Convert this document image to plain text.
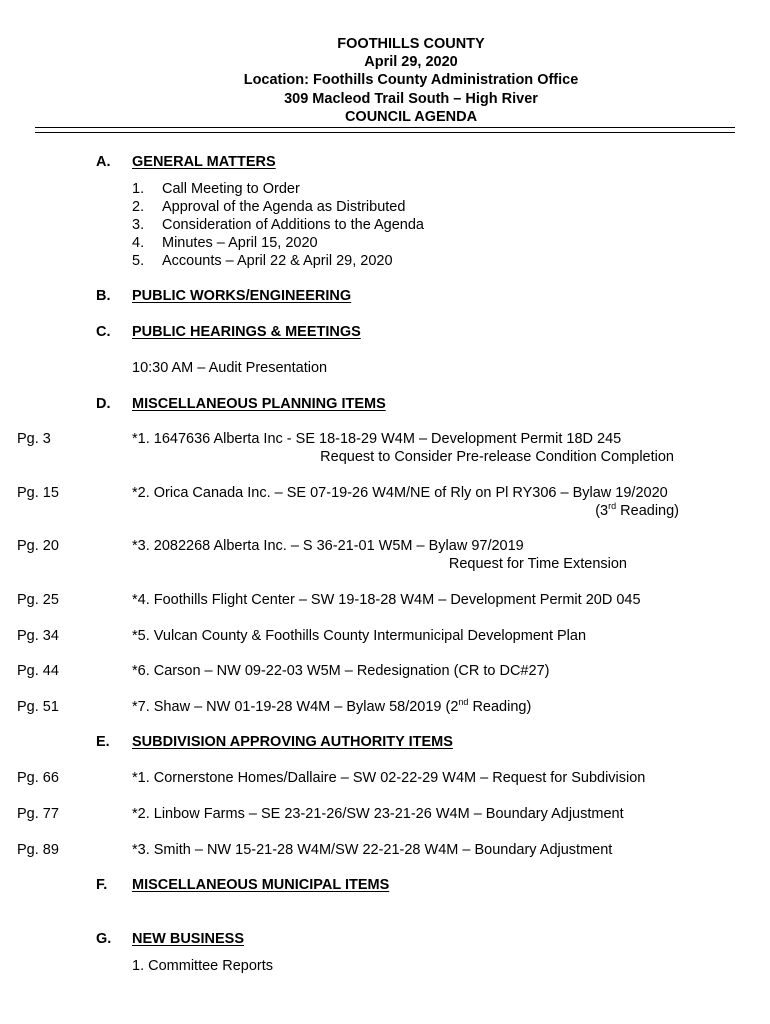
FOOTHILLS COUNTY
April 29, 2020
Location: Foothills County Administration Office
309 Macleod Trail South – High River
COUNCIL AGENDA
A. GENERAL MATTERS
1. Call Meeting to Order
2. Approval of the Agenda as Distributed
3. Consideration of Additions to the Agenda
4. Minutes – April 15, 2020
5. Accounts – April 22 & April 29, 2020
B. PUBLIC WORKS/ENGINEERING
C. PUBLIC HEARINGS & MEETINGS
10:30 AM – Audit Presentation
D. MISCELLANEOUS PLANNING ITEMS
Pg. 3	*1. 1647636 Alberta Inc - SE 18-18-29 W4M – Development Permit 18D 245
Request to Consider Pre-release Condition Completion
Pg. 15	*2. Orica Canada Inc. – SE 07-19-26 W4M/NE of Rly on Pl RY306 – Bylaw 19/2020
(3rd Reading)
Pg. 20	*3. 2082268 Alberta Inc. – S 36-21-01 W5M – Bylaw 97/2019
Request for Time Extension
Pg. 25	*4. Foothills Flight Center – SW 19-18-28 W4M – Development Permit 20D 045
Pg. 34	*5. Vulcan County & Foothills County Intermunicipal Development Plan
Pg. 44	*6. Carson – NW 09-22-03 W5M – Redesignation (CR to DC#27)
Pg. 51	*7. Shaw – NW 01-19-28 W4M – Bylaw 58/2019 (2nd Reading)
E. SUBDIVISION APPROVING AUTHORITY ITEMS
Pg. 66	*1. Cornerstone Homes/Dallaire – SW 02-22-29 W4M – Request for Subdivision
Pg. 77	*2. Linbow Farms – SE 23-21-26/SW 23-21-26 W4M – Boundary Adjustment
Pg. 89	*3. Smith – NW 15-21-28 W4M/SW 22-21-28 W4M – Boundary Adjustment
F. MISCELLANEOUS MUNICIPAL ITEMS
G. NEW BUSINESS
1. Committee Reports
